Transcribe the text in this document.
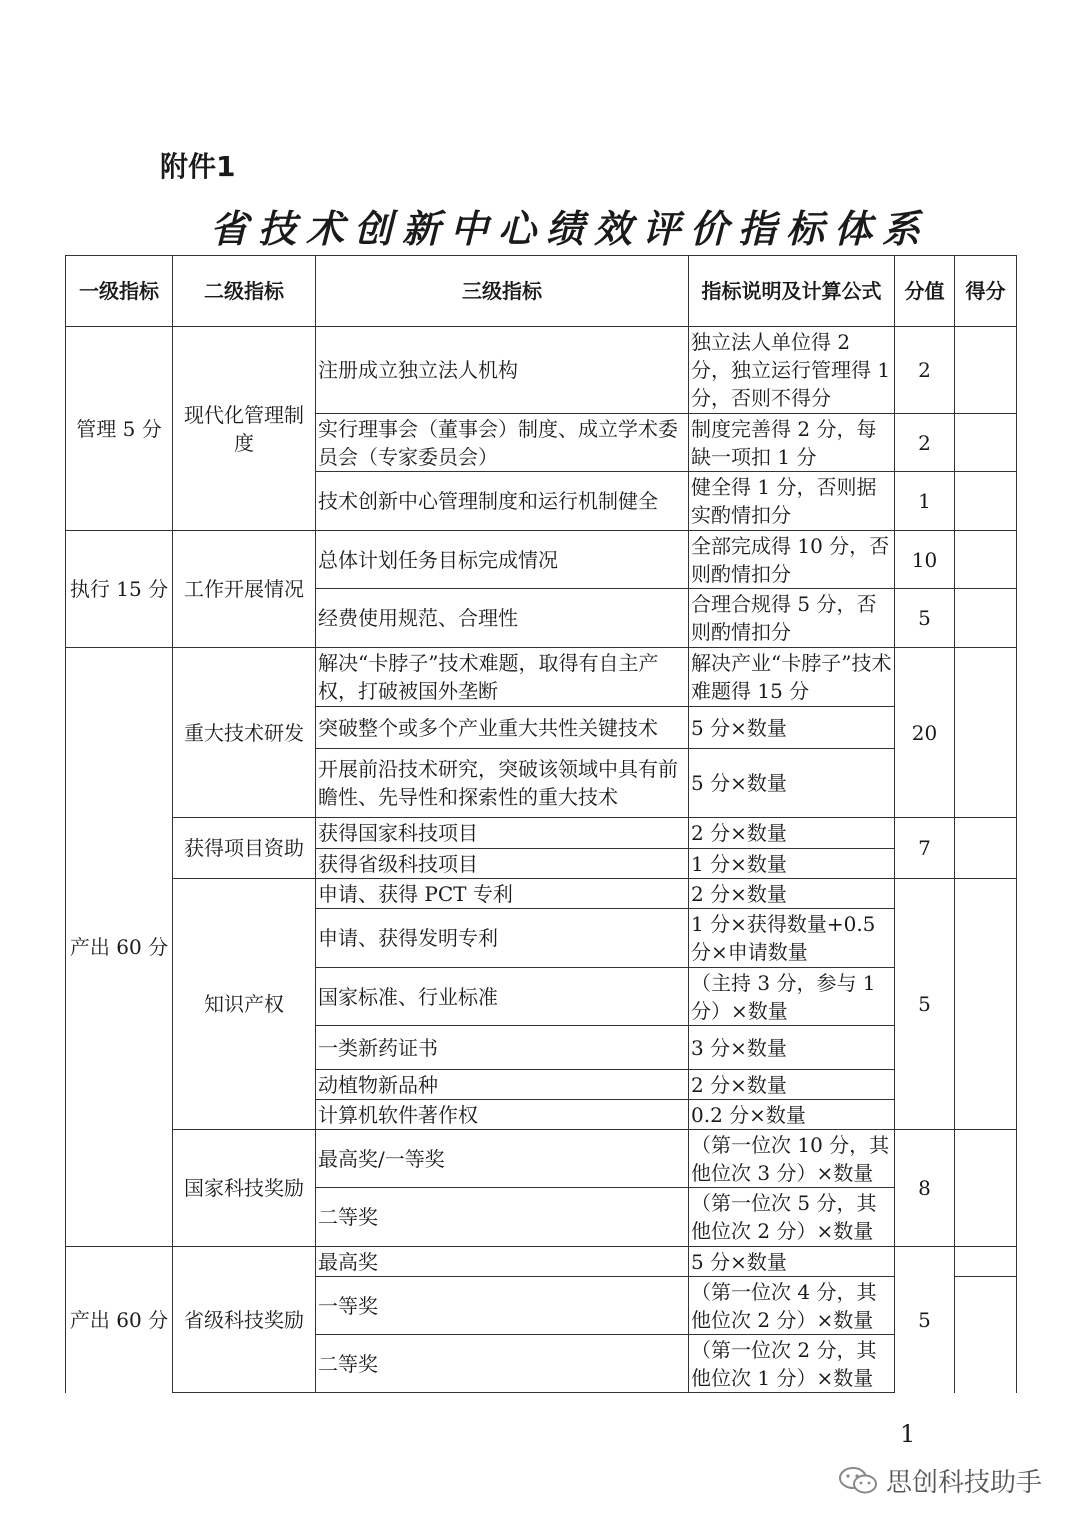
附件1
省技术创新中心绩效评价指标体系
一级指标	二级指标	三级指标	指标说明及计算公式	分值	得分
管理 5 分	现代化管理制度	注册成立独立法人机构	独立法人单位得 2 分，独立运行管理得 1 分，否则不得分	2	
		实行理事会（董事会）制度、成立学术委员会（专家委员会）	制度完善得 2 分，每缺一项扣 1 分	2	
		技术创新中心管理制度和运行机制健全	健全得 1 分，否则据实酌情扣分	1	
执行 15 分	工作开展情况	总体计划任务目标完成情况	全部完成得 10 分，否则酌情扣分	10	
		经费使用规范、合理性	合理合规得 5 分，否则酌情扣分	5	
产出 60 分	重大技术研发	解决“卡脖子”技术难题，取得有自主产权，打破被国外垄断	解决产业“卡脖子”技术难题得 15 分	20	
		突破整个或多个产业重大共性关键技术	5 分×数量		
		开展前沿技术研究，突破该领域中具有前瞻性、先导性和探索性的重大技术	5 分×数量		
	获得项目资助	获得国家科技项目	2 分×数量	7	
		获得省级科技项目	1 分×数量		
	知识产权	申请、获得 PCT 专利	2 分×数量	5	
		申请、获得发明专利	1 分×获得数量+0.5 分×申请数量		
		国家标准、行业标准	（主持 3 分，参与 1 分）×数量		
		一类新药证书	3 分×数量		
		动植物新品种	2 分×数量		
		计算机软件著作权	0.2 分×数量		
	国家科技奖励	最高奖/一等奖	（第一位次 10 分，其他位次 3 分）×数量	8	
		二等奖	（第一位次 5 分，其他位次 2 分）×数量		
产出 60 分	省级科技奖励	最高奖	5 分×数量	5	
		一等奖	（第一位次 4 分，其他位次 2 分）×数量		
		二等奖	（第一位次 2 分，其他位次 1 分）×数量		
1
思创科技助手
